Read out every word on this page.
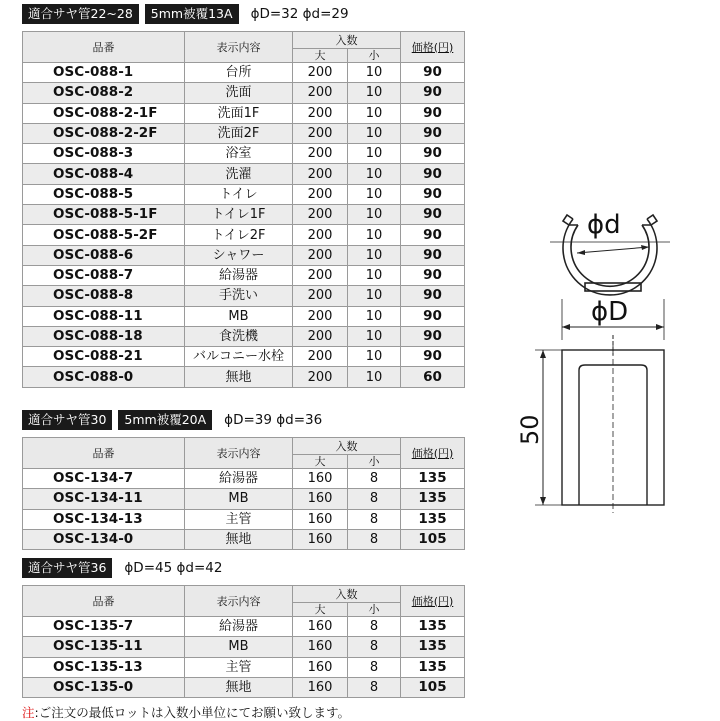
適合サヤ管22~28	5mm被覆13A	ϕD=32 ϕd=29
品番	表示内容	入数		価格(円)
		大	小	
OSC-088-1	台所	200	10	90
OSC-088-2	洗面	200	10	90
OSC-088-2-1F	洗面1F	200	10	90
OSC-088-2-2F	洗面2F	200	10	90
OSC-088-3	浴室	200	10	90
OSC-088-4	洗濯	200	10	90
OSC-088-5	トイレ	200	10	90
OSC-088-5-1F	トイレ1F	200	10	90
OSC-088-5-2F	トイレ2F	200	10	90
OSC-088-6	シャワー	200	10	90
OSC-088-7	給湯器	200	10	90
OSC-088-8	手洗い	200	10	90
OSC-088-11	MB	200	10	90
OSC-088-18	食洗機	200	10	90
OSC-088-21	バルコニー水栓	200	10	90
OSC-088-0	無地	200	10	60
適合サヤ管30	5mm被覆20A	ϕD=39 ϕd=36
品番	表示内容	入数		価格(円)
		大	小	
OSC-134-7	給湯器	160	8	135
OSC-134-11	MB	160	8	135
OSC-134-13	主管	160	8	135
OSC-134-0	無地	160	8	105
適合サヤ管36	ϕD=45 ϕd=42
品番	表示内容	入数		価格(円)
		大	小	
OSC-135-7	給湯器	160	8	135
OSC-135-11	MB	160	8	135
OSC-135-13	主管	160	8	135
OSC-135-0	無地	160	8	105
注:ご注文の最低ロットは入数小単位にてお願い致します。
ϕd
ϕD
50
